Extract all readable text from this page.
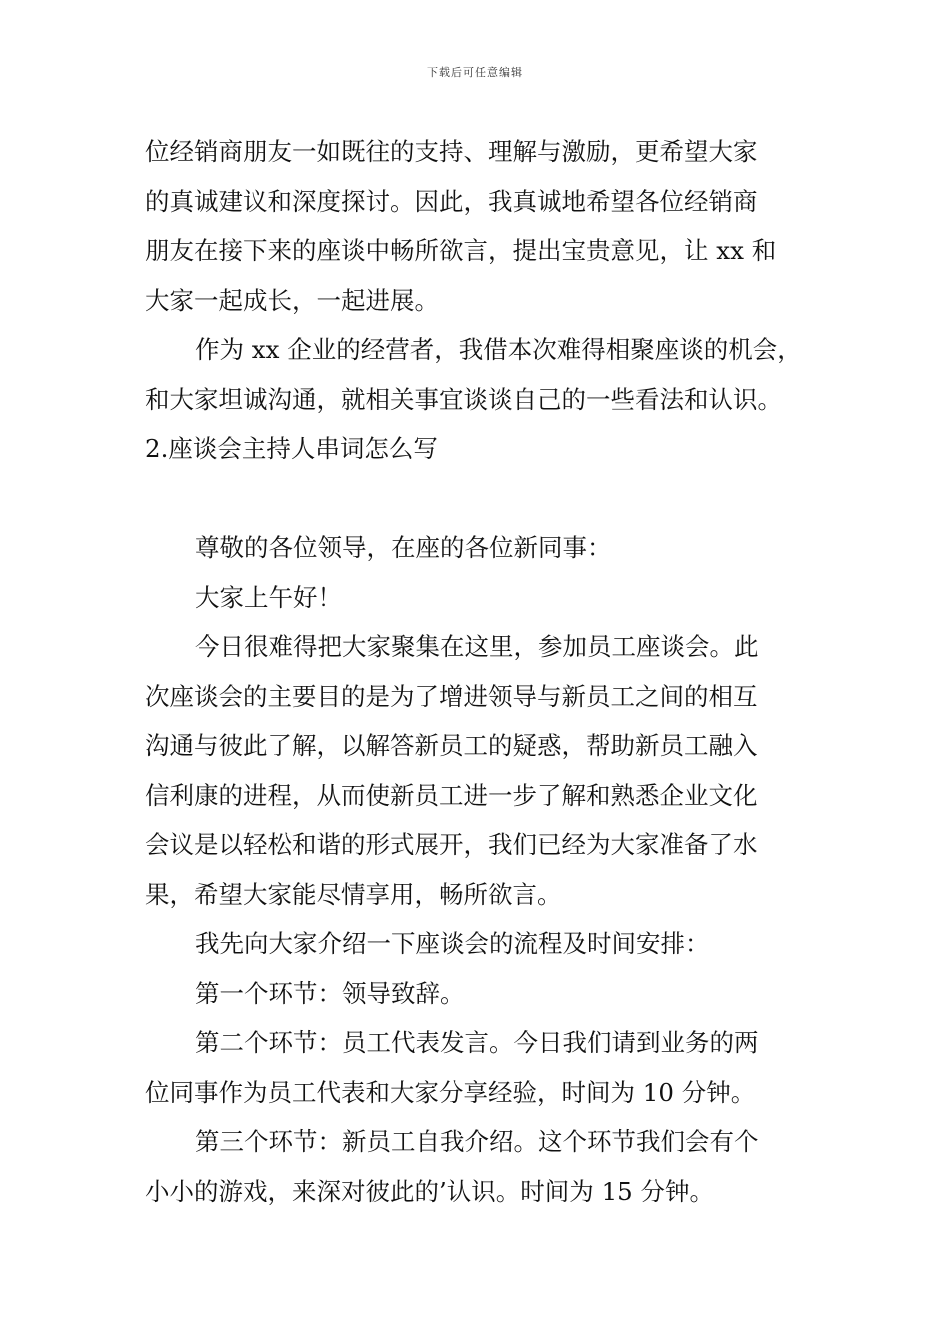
下载后可任意编辑
位经销商朋友一如既往的支持、理解与激励，更希望大家
的真诚建议和深度探讨。因此，我真诚地希望各位经销商
朋友在接下来的座谈中畅所欲言，提出宝贵意见，让 xx 和
大家一起成长，一起进展。
作为 xx 企业的经营者，我借本次难得相聚座谈的机会，
和大家坦诚沟通，就相关事宜谈谈自己的一些看法和认识。
2.座谈会主持人串词怎么写
尊敬的各位领导，在座的各位新同事：
大家上午好！
今日很难得把大家聚集在这里，参加员工座谈会。此
次座谈会的主要目的是为了增进领导与新员工之间的相互
沟通与彼此了解，以解答新员工的疑惑，帮助新员工融入
信利康的进程，从而使新员工进一步了解和熟悉企业文化
会议是以轻松和谐的形式展开，我们已经为大家准备了水
果，希望大家能尽情享用，畅所欲言。
我先向大家介绍一下座谈会的流程及时间安排：
第一个环节：领导致辞。
第二个环节：员工代表发言。今日我们请到业务的两
位同事作为员工代表和大家分享经验，时间为 10 分钟。
第三个环节：新员工自我介绍。这个环节我们会有个
小小的游戏，来深对彼此的’认识。时间为 15 分钟。
